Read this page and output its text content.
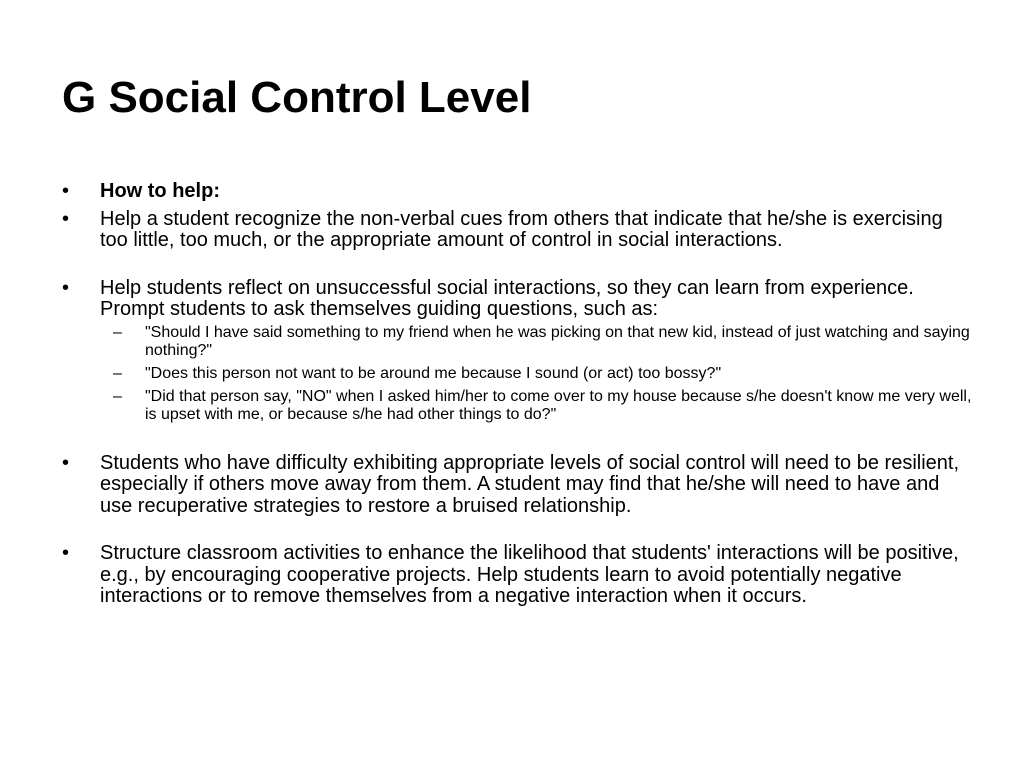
G Social Control Level
•	How to help:
•	Help a student recognize the non-verbal cues from others that indicate that he/she is exercising too little, too much, or the appropriate amount of control in social interactions.
•	Help students reflect on unsuccessful social interactions, so they can learn from experience. Prompt students to ask themselves guiding questions, such as:
– "Should I have said something to my friend when he was picking on that new kid, instead of just watching and saying nothing?"
– "Does this person not want to be around me because I sound (or act) too bossy?"
– "Did that person say, "NO" when I asked him/her to come over to my house because s/he doesn't know me very well, is upset with me, or because s/he had other things to do?"
•	Students who have difficulty exhibiting appropriate levels of social control will need to be resilient, especially if others move away from them. A student may find that he/she will need to have and use recuperative strategies to restore a bruised relationship.
•	Structure classroom activities to enhance the likelihood that students' interactions will be positive, e.g., by encouraging cooperative projects. Help students learn to avoid potentially negative interactions or to remove themselves from a negative interaction when it occurs.
